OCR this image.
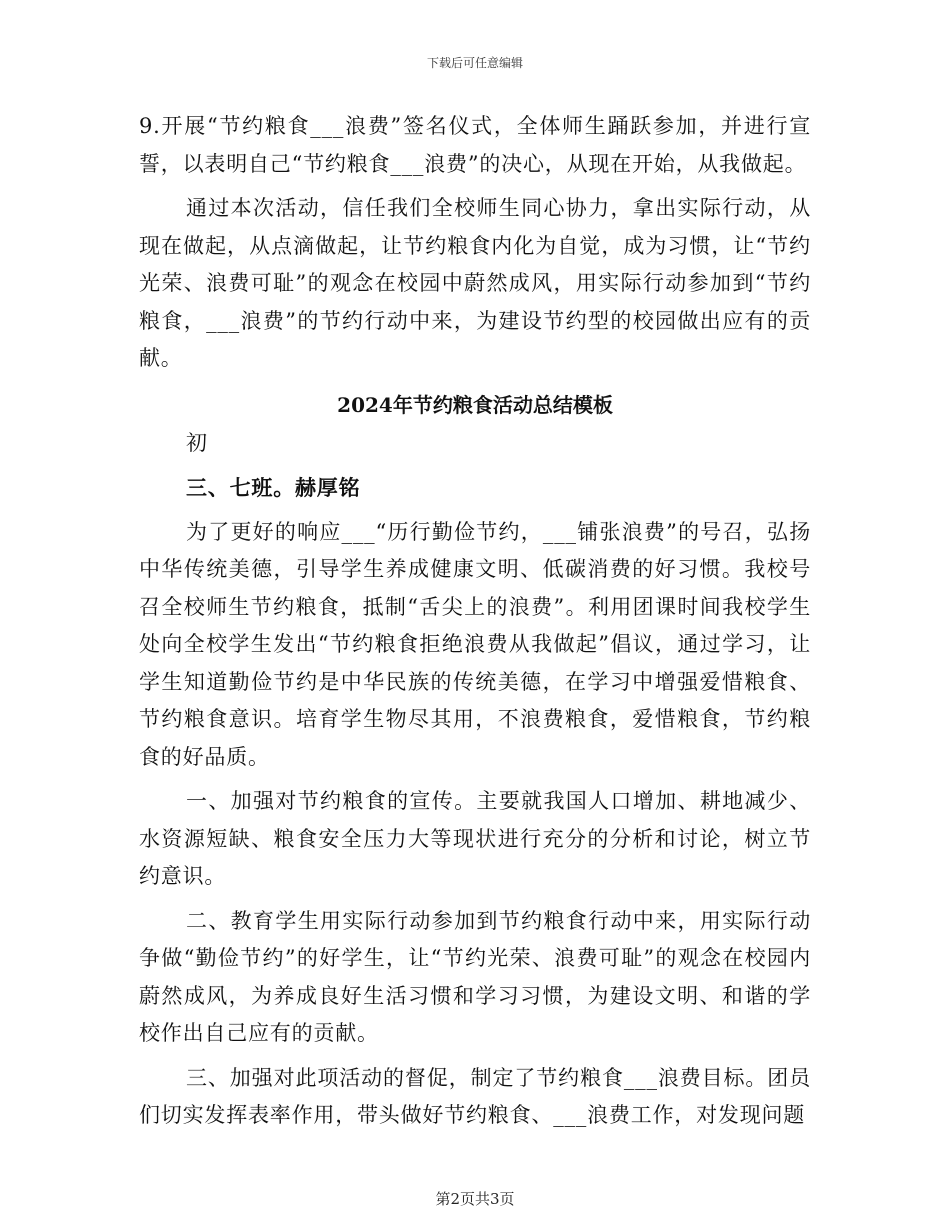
下载后可任意编辑

9.开展“节约粮食___浪费”签名仪式，全体师生踊跃参加，并进行宣誓，以表明自己“节约粮食___浪费”的决心，从现在开始，从我做起。

通过本次活动，信任我们全校师生同心协力，拿出实际行动，从现在做起，从点滴做起，让节约粮食内化为自觉，成为习惯，让“节约光荣、浪费可耻”的观念在校园中蔚然成风，用实际行动参加到“节约粮食，___浪费”的节约行动中来，为建设节约型的校园做出应有的贡献。

2024年节约粮食活动总结模板

初

三、七班。赫厚铭

为了更好的响应___“历行勤俭节约，___铺张浪费”的号召，弘扬中华传统美德，引导学生养成健康文明、低碳消费的好习惯。我校号召全校师生节约粮食，抵制“舌尖上的浪费”。利用团课时间我校学生处向全校学生发出“节约粮食拒绝浪费从我做起”倡议，通过学习，让学生知道勤俭节约是中华民族的传统美德，在学习中增强爱惜粮食、节约粮食意识。培育学生物尽其用，不浪费粮食，爱惜粮食，节约粮食的好品质。

一、加强对节约粮食的宣传。主要就我国人口增加、耕地减少、水资源短缺、粮食安全压力大等现状进行充分的分析和讨论，树立节约意识。

二、教育学生用实际行动参加到节约粮食行动中来，用实际行动争做“勤俭节约”的好学生，让“节约光荣、浪费可耻”的观念在校园内蔚然成风，为养成良好生活习惯和学习习惯，为建设文明、和谐的学校作出自己应有的贡献。

三、加强对此项活动的督促，制定了节约粮食___浪费目标。团员们切实发挥表率作用，带头做好节约粮食、___浪费工作，对发现问题

第2页共3页
